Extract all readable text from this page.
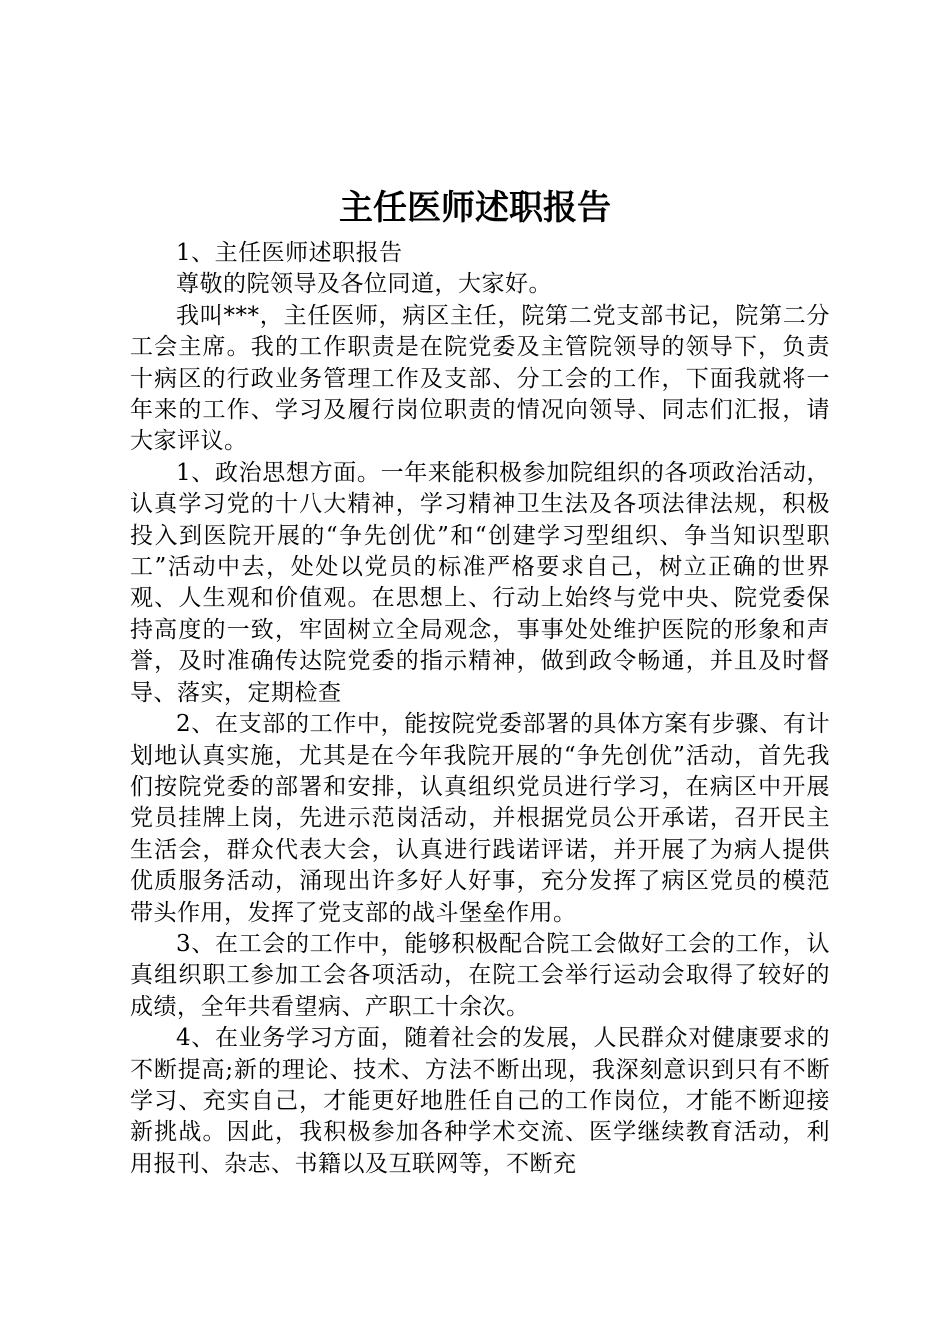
主任医师述职报告

1、主任医师述职报告

尊敬的院领导及各位同道，大家好。

我叫***，主任医师，病区主任，院第二党支部书记，院第二分工会主席。我的工作职责是在院党委及主管院领导的领导下，负责十病区的行政业务管理工作及支部、分工会的工作，下面我就将一年来的工作、学习及履行岗位职责的情况向领导、同志们汇报，请大家评议。

1、政治思想方面。一年来能积极参加院组织的各项政治活动，认真学习党的十八大精神，学习精神卫生法及各项法律法规，积极投入到医院开展的“争先创优”和“创建学习型组织、争当知识型职工”活动中去，处处以党员的标准严格要求自己，树立正确的世界观、人生观和价值观。在思想上、行动上始终与党中央、院党委保持高度的一致，牢固树立全局观念，事事处处维护医院的形象和声誉，及时准确传达院党委的指示精神，做到政令畅通，并且及时督导、落实，定期检查

2、在支部的工作中，能按院党委部署的具体方案有步骤、有计划地认真实施，尤其是在今年我院开展的“争先创优”活动，首先我们按院党委的部署和安排，认真组织党员进行学习，在病区中开展党员挂牌上岗，先进示范岗活动，并根据党员公开承诺，召开民主生活会，群众代表大会，认真进行践诺评诺，并开展了为病人提供优质服务活动，涌现出许多好人好事，充分发挥了病区党员的模范带头作用，发挥了党支部的战斗堡垒作用。

3、在工会的工作中，能够积极配合院工会做好工会的工作，认真组织职工参加工会各项活动，在院工会举行运动会取得了较好的成绩，全年共看望病、产职工十余次。

4、在业务学习方面，随着社会的发展，人民群众对健康要求的不断提高;新的理论、技术、方法不断出现，我深刻意识到只有不断学习、充实自己，才能更好地胜任自己的工作岗位，才能不断迎接新挑战。因此，我积极参加各种学术交流、医学继续教育活动，利用报刊、杂志、书籍以及互联网等，不断充
